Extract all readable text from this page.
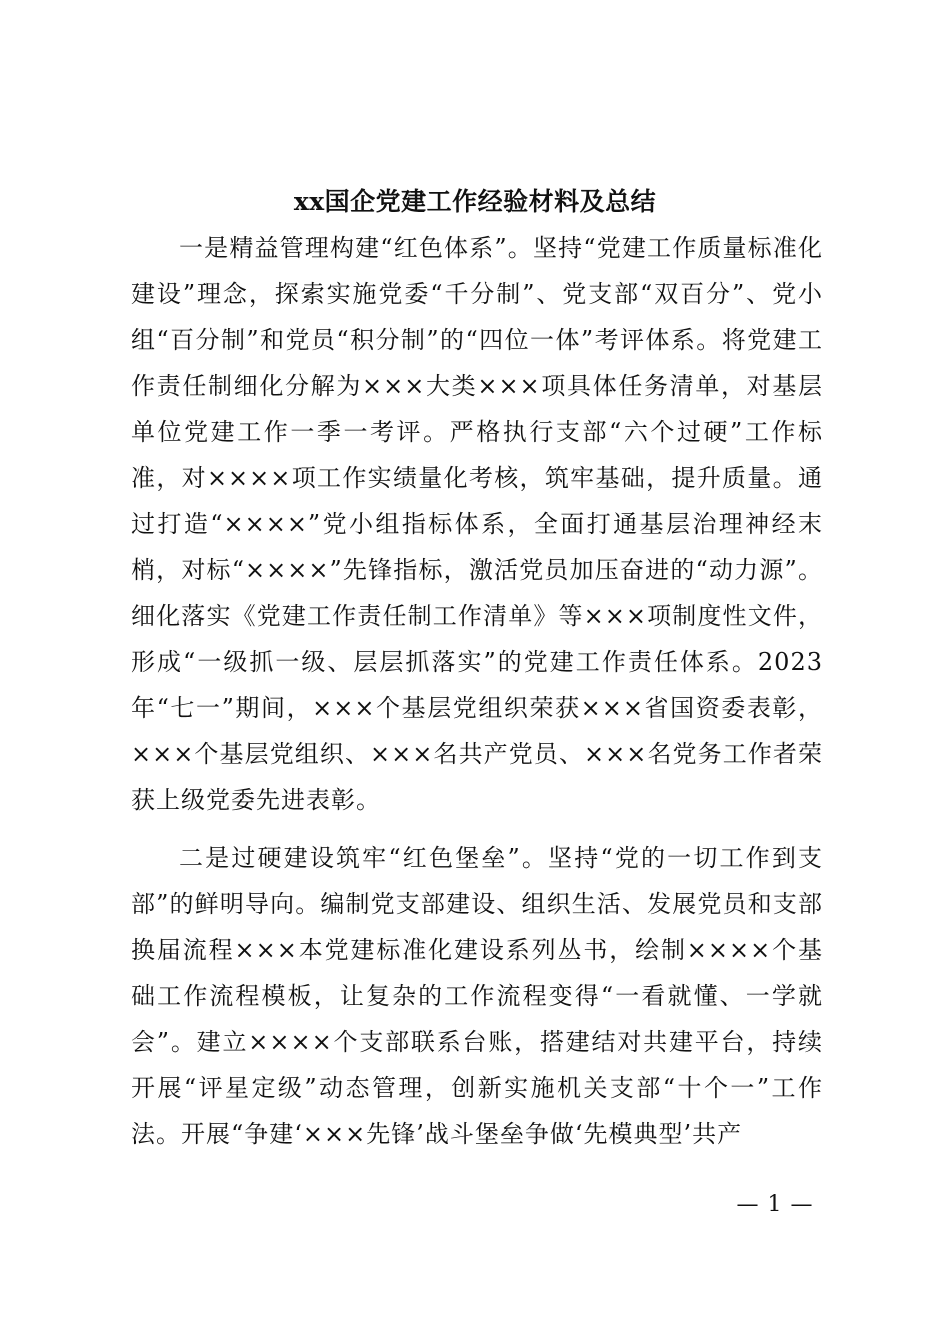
xx国企党建工作经验材料及总结

一是精益管理构建“红色体系”。坚持“党建工作质量标准化建设”理念，探索实施党委“千分制”、党支部“双百分”、党小组“百分制”和党员“积分制”的“四位一体”考评体系。将党建工作责任制细化分解为×××大类×××项具体任务清单，对基层单位党建工作一季一考评。严格执行支部“六个过硬”工作标准，对××××项工作实绩量化考核，筑牢基础，提升质量。通过打造“××××”党小组指标体系，全面打通基层治理神经末梢，对标“××××”先锋指标，激活党员加压奋进的“动力源”。细化落实《党建工作责任制工作清单》等×××项制度性文件，形成“一级抓一级、层层抓落实”的党建工作责任体系。2023年“七一”期间，×××个基层党组织荣获×××省国资委表彰，×××个基层党组织、×××名共产党员、×××名党务工作者荣获上级党委先进表彰。

二是过硬建设筑牢“红色堡垒”。坚持“党的一切工作到支部”的鲜明导向。编制党支部建设、组织生活、发展党员和支部换届流程×××本党建标准化建设系列丛书，绘制××××个基础工作流程模板，让复杂的工作流程变得“一看就懂、一学就会”。建立××××个支部联系台账，搭建结对共建平台，持续开展“评星定级”动态管理，创新实施机关支部“十个一”工作法。开展“争建‘×××先锋’战斗堡垒争做‘先模典型’共产

— 1 —
